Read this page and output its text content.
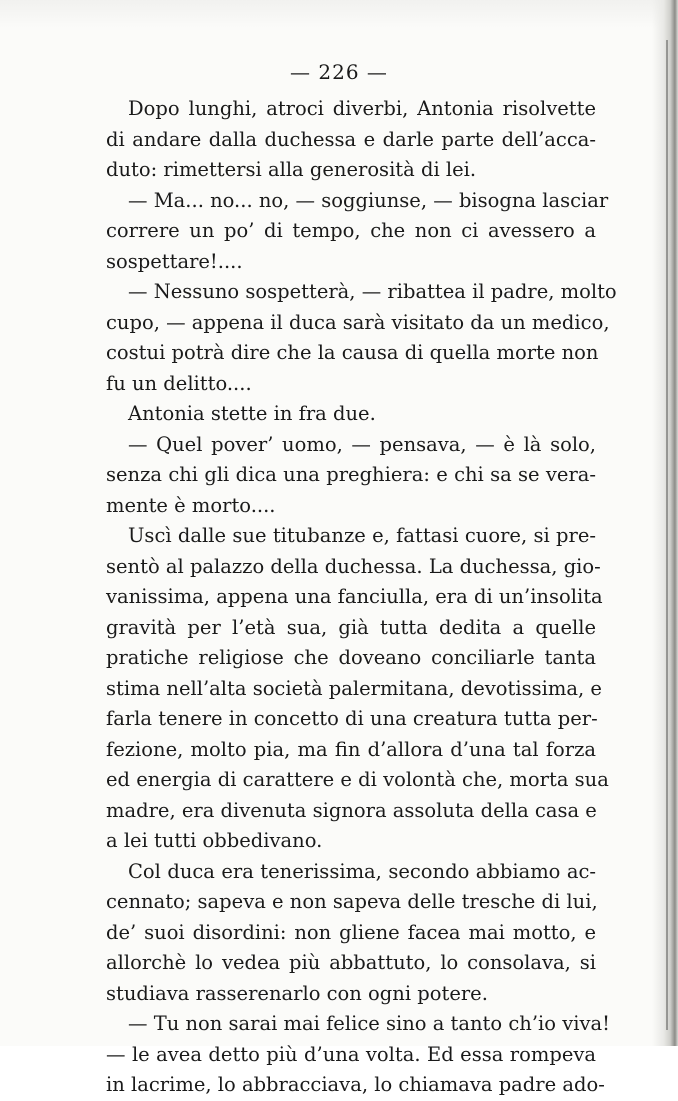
— 226 —
Dopo lunghi, atroci diverbi, Antonia risolvette
di andare dalla duchessa e darle parte dell’acca-
duto: rimettersi alla generosità di lei.
— Ma... no... no, — soggiunse, — bisogna lasciar
correre un po’ di tempo, che non ci avessero a
sospettare!....
— Nessuno sospetterà, — ribattea il padre, molto
cupo, — appena il duca sarà visitato da un medico,
costui potrà dire che la causa di quella morte non
fu un delitto....
Antonia stette in fra due.
— Quel pover’ uomo, — pensava, — è là solo,
senza chi gli dica una preghiera: e chi sa se vera-
mente è morto....
Uscì dalle sue titubanze e, fattasi cuore, si pre-
sentò al palazzo della duchessa. La duchessa, gio-
vanissima, appena una fanciulla, era di un’insolita
gravità per l’età sua, già tutta dedita a quelle
pratiche religiose che doveano conciliarle tanta
stima nell’alta società palermitana, devotissima, e
farla tenere in concetto di una creatura tutta per-
fezione, molto pia, ma fin d’allora d’una tal forza
ed energia di carattere e di volontà che, morta sua
madre, era divenuta signora assoluta della casa e
a lei tutti obbedivano.
Col duca era tenerissima, secondo abbiamo ac-
cennato; sapeva e non sapeva delle tresche di lui,
de’ suoi disordini: non gliene facea mai motto, e
allorchè lo vedea più abbattuto, lo consolava, si
studiava rasserenarlo con ogni potere.
— Tu non sarai mai felice sino a tanto ch’io viva!
— le avea detto più d’una volta. Ed essa rompeva
in lacrime, lo abbracciava, lo chiamava padre ado-
